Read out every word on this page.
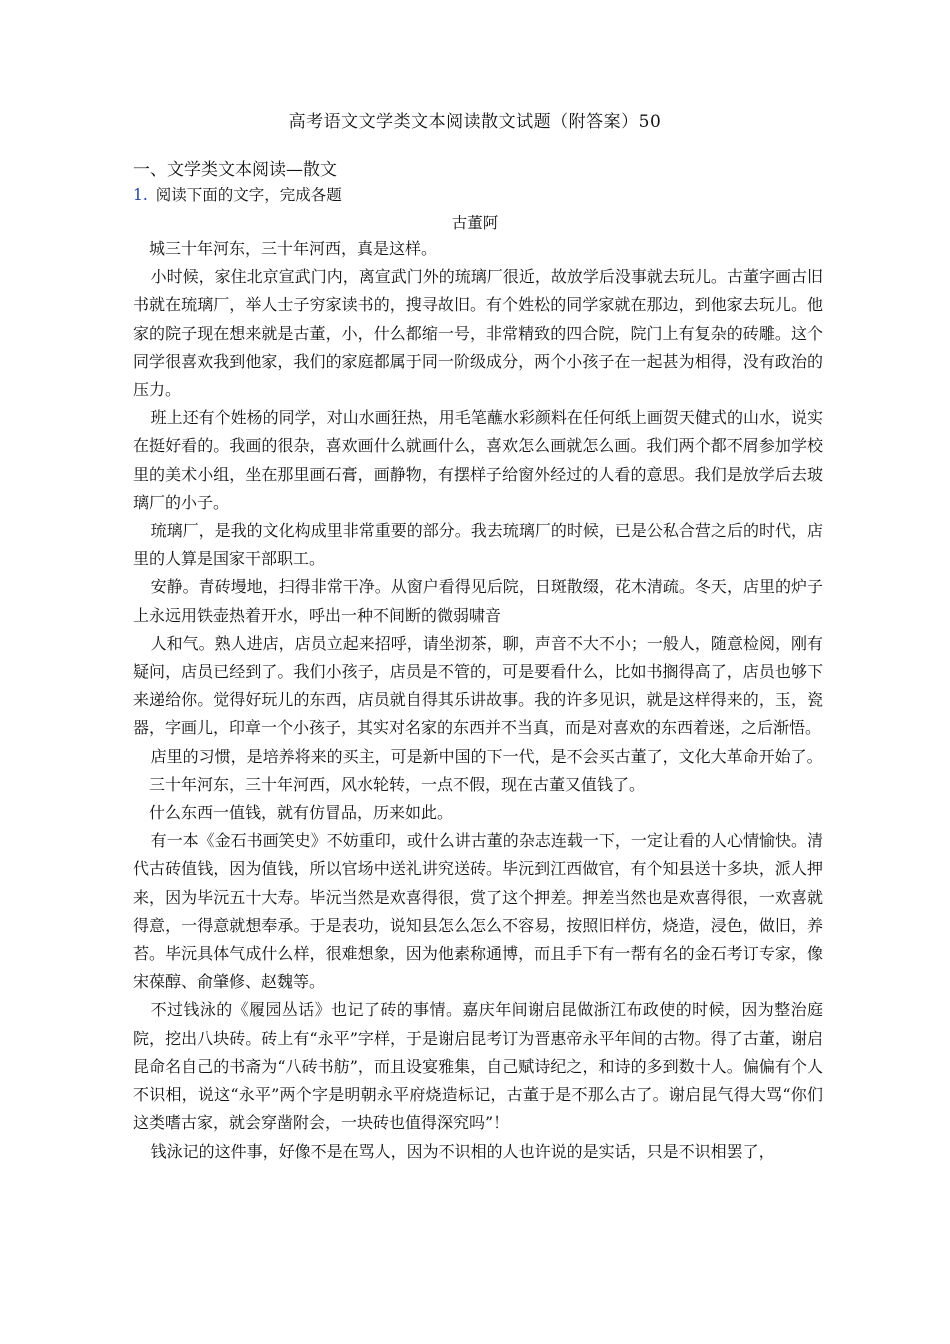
高考语文文学类文本阅读散文试题（附答案）50
一、文学类文本阅读—散文
1. 阅读下面的文字，完成各题
古董阿

城三十年河东，三十年河西，真是这样。

小时候，家住北京宣武门内，离宣武门外的琉璃厂很近，故放学后没事就去玩儿。古董字画古旧书就在琉璃厂，举人士子穷家读书的，搜寻故旧。有个姓松的同学家就在那边，到他家去玩儿。他家的院子现在想来就是古董，小，什么都缩一号，非常精致的四合院，院门上有复杂的砖雕。这个同学很喜欢我到他家，我们的家庭都属于同一阶级成分，两个小孩子在一起甚为相得，没有政治的压力。

班上还有个姓杨的同学，对山水画狂热，用毛笔蘸水彩颜料在任何纸上画贺天健式的山水，说实在挺好看的。我画的很杂，喜欢画什么就画什么，喜欢怎么画就怎么画。我们两个都不屑参加学校里的美术小组，坐在那里画石膏，画静物，有摆样子给窗外经过的人看的意思。我们是放学后去玻璃厂的小子。

琉璃厂，是我的文化构成里非常重要的部分。我去琉璃厂的时候，已是公私合营之后的时代，店里的人算是国家干部职工。

安静。青砖墁地，扫得非常干净。从窗户看得见后院，日斑散缀，花木清疏。冬天，店里的炉子上永远用铁壶热着开水，呼出一种不间断的微弱啸音

人和气。熟人进店，店员立起来招呼，请坐沏茶，聊，声音不大不小；一般人，随意检阅，刚有疑问，店员已经到了。我们小孩子，店员是不管的，可是要看什么，比如书搁得高了，店员也够下来递给你。觉得好玩儿的东西，店员就自得其乐讲故事。我的许多见识，就是这样得来的，玉，瓷器，字画儿，印章一个小孩子，其实对名家的东西并不当真，而是对喜欢的东西着迷，之后渐悟。

店里的习惯，是培养将来的买主，可是新中国的下一代，是不会买古董了，文化大革命开始了。

三十年河东，三十年河西，风水轮转，一点不假，现在古董又值钱了。

什么东西一值钱，就有仿冒品，历来如此。

有一本《金石书画笑史》不妨重印，或什么讲古董的杂志连载一下，一定让看的人心情愉快。清代古砖值钱，因为值钱，所以官场中送礼讲究送砖。毕沅到江西做官，有个知县送十多块，派人押来，因为毕沅五十大寿。毕沅当然是欢喜得很，赏了这个押差。押差当然也是欢喜得很，一欢喜就得意，一得意就想奉承。于是表功，说知县怎么怎么不容易，按照旧样仿，烧造，浸色，做旧，养苔。毕沅具体气成什么样，很难想象，因为他素称通博，而且手下有一帮有名的金石考订专家，像宋葆醇、俞肇修、赵魏等。

不过钱泳的《履园丛话》也记了砖的事情。嘉庆年间谢启昆做浙江布政使的时候，因为整治庭院，挖出八块砖。砖上有“永平”字样，于是谢启昆考订为晋惠帝永平年间的古物。得了古董，谢启昆命名自己的书斋为“八砖书舫”，而且设宴雅集，自己赋诗纪之，和诗的多到数十人。偏偏有个人不识相，说这“永平”两个字是明朝永平府烧造标记，古董于是不那么古了。谢启昆气得大骂“你们这类嗜古家，就会穿凿附会，一块砖也值得深究吗”！

钱泳记的这件事，好像不是在骂人，因为不识相的人也许说的是实话，只是不识相罢了，
